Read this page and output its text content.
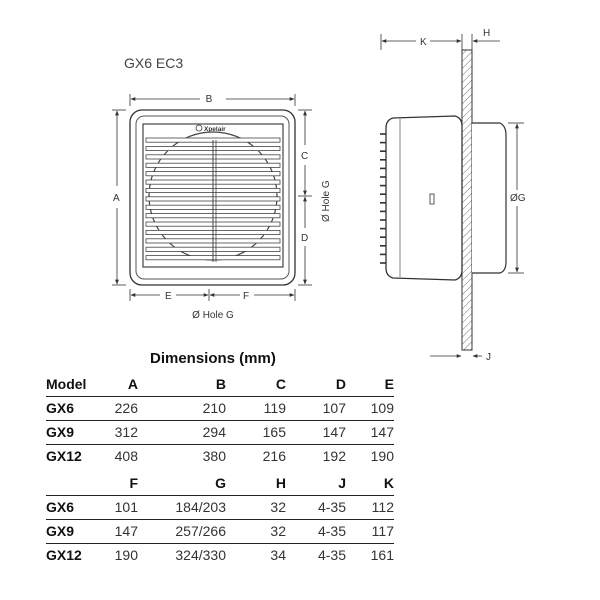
GX6 EC3
Xpelair
B
A
C
D
Ø Hole G
E	F
Ø Hole G
K
H
ØG
J
Dimensions (mm)
Model	A	B	C	D	E
GX6	226	210	119	107	109
GX9	312	294	165	147	147
GX12	408	380	216	192	190
	F	G	H	J	K
GX6	101	184/203	32	4-35	112
GX9	147	257/266	32	4-35	117
GX12	190	324/330	34	4-35	161
